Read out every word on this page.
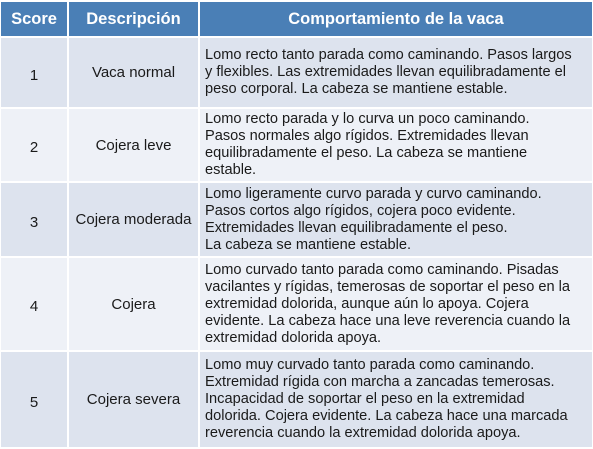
Score	Descripción	Comportamiento de la vaca
1	Vaca normal	Lomo recto tanto parada como caminando. Pasos largos
y flexibles. Las extremidades llevan equilibradamente el
peso corporal. La cabeza se mantiene estable.

2	Cojera leve	Lomo recto parada y lo curva un poco caminando.
Pasos normales algo rígidos. Extremidades llevan
equilibradamente el peso. La cabeza se mantiene
estable.

3	Cojera moderada	Lomo ligeramente curvo parada y curvo caminando.
Pasos cortos algo rígidos, cojera poco evidente.
Extremidades llevan equilibradamente el peso.
La cabeza se mantiene estable.

4	Cojera	Lomo curvado tanto parada como caminando. Pisadas
vacilantes y rígidas, temerosas de soportar el peso en la
extremidad dolorida, aunque aún lo apoya. Cojera
evidente. La cabeza hace una leve reverencia cuando la
extremidad dolorida apoya.

5	Cojera severa	Lomo muy curvado tanto parada como caminando.
Extremidad rígida con marcha a zancadas temerosas.
Incapacidad de soportar el peso en la extremidad
dolorida. Cojera evidente. La cabeza hace una marcada
reverencia cuando la extremidad dolorida apoya.
